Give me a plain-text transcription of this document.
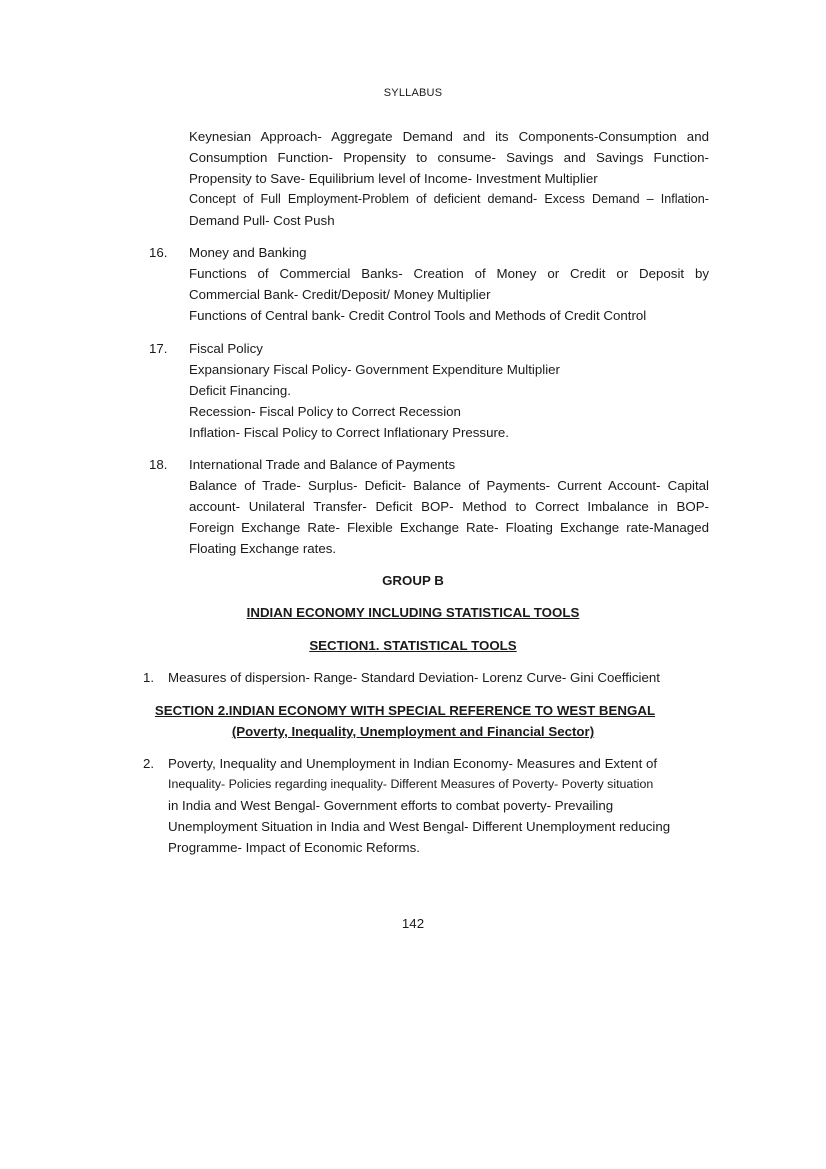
SYLLABUS
Keynesian Approach- Aggregate Demand and its Components-Consumption and
Consumption Function- Propensity to consume- Savings and Savings Function-
Propensity to Save- Equilibrium level of Income- Investment Multiplier
Concept of Full Employment-Problem of deficient demand- Excess Demand – Inflation-
Demand Pull- Cost Push
16. Money and Banking
Functions of Commercial Banks- Creation of Money or Credit or Deposit by
Commercial Bank- Credit/Deposit/ Money Multiplier
Functions of Central bank- Credit Control Tools and Methods of Credit Control
17. Fiscal Policy
Expansionary Fiscal Policy- Government Expenditure Multiplier
Deficit Financing.
Recession- Fiscal Policy to Correct Recession
Inflation- Fiscal Policy to Correct Inflationary Pressure.
18. International Trade and Balance of Payments
Balance of Trade- Surplus- Deficit- Balance of Payments- Current Account- Capital
account- Unilateral Transfer- Deficit BOP- Method to Correct Imbalance in BOP-
Foreign Exchange Rate- Flexible Exchange Rate- Floating Exchange rate-Managed
Floating Exchange rates.
GROUP B
INDIAN ECONOMY INCLUDING STATISTICAL TOOLS
SECTION1. STATISTICAL TOOLS
1. Measures of dispersion- Range- Standard Deviation- Lorenz Curve- Gini Coefficient
SECTION 2.INDIAN ECONOMY WITH SPECIAL REFERENCE TO WEST BENGAL
(Poverty, Inequality, Unemployment and Financial Sector)
2. Poverty, Inequality and Unemployment in Indian Economy- Measures and Extent of
Inequality- Policies regarding inequality- Different Measures of Poverty- Poverty situation
in India and West Bengal- Government efforts to combat poverty- Prevailing
Unemployment Situation in India and West Bengal- Different Unemployment reducing
Programme- Impact of Economic Reforms.
142
